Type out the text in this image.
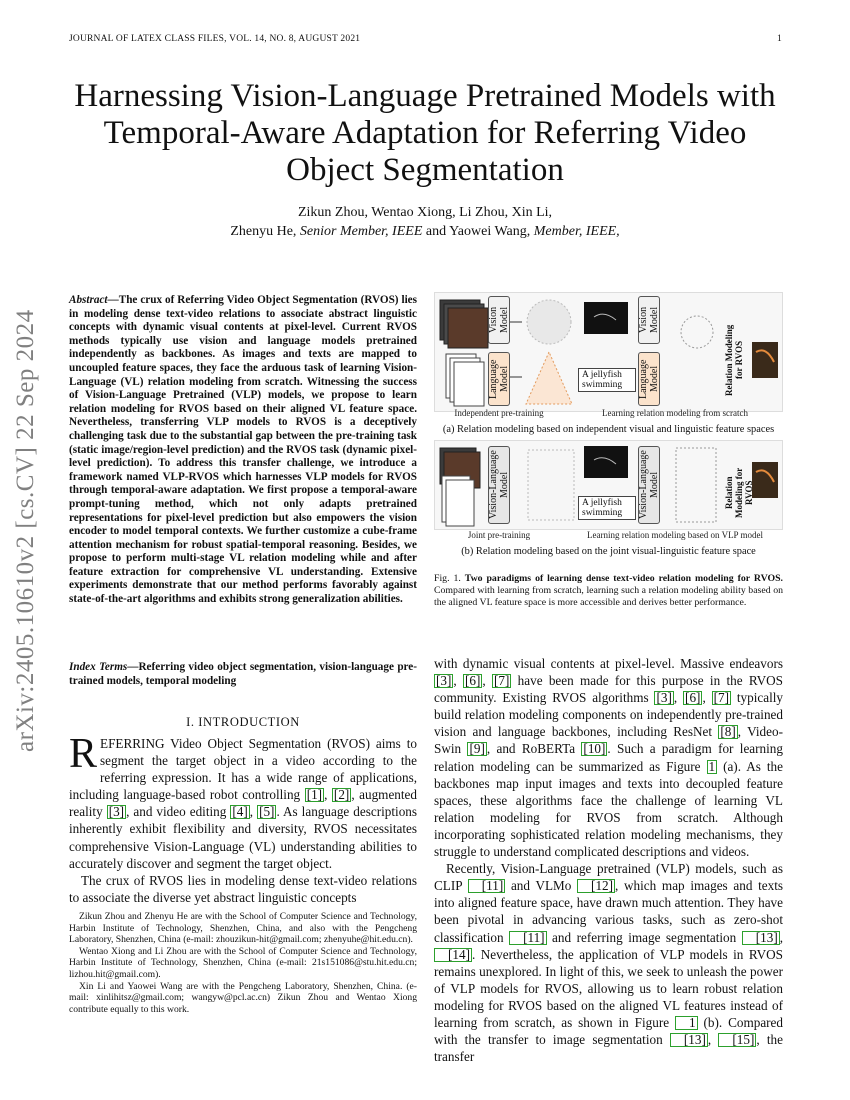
JOURNAL OF LATEX CLASS FILES, VOL. 14, NO. 8, AUGUST 2021	1
Harnessing Vision-Language Pretrained Models with Temporal-Aware Adaptation for Referring Video Object Segmentation
Zikun Zhou, Wentao Xiong, Li Zhou, Xin Li,
Zhenyu He, Senior Member, IEEE and Yaowei Wang, Member, IEEE,
arXiv:2405.10610v2 [cs.CV] 22 Sep 2024
Abstract—The crux of Referring Video Object Segmentation (RVOS) lies in modeling dense text-video relations to associate abstract linguistic concepts with dynamic visual contents at pixel-level. Current RVOS methods typically use vision and language models pretrained independently as backbones. As images and texts are mapped to uncoupled feature spaces, they face the arduous task of learning Vision-Language (VL) relation modeling from scratch. Witnessing the success of Vision-Language Pretrained (VLP) models, we propose to learn relation modeling for RVOS based on their aligned VL feature space. Nevertheless, transferring VLP models to RVOS is a deceptively challenging task due to the substantial gap between the pre-training task (static image/region-level prediction) and the RVOS task (dynamic pixel-level prediction). To address this transfer challenge, we introduce a framework named VLP-RVOS which harnesses VLP models for RVOS through temporal-aware adaptation. We first propose a temporal-aware prompt-tuning method, which not only adapts pretrained representations for pixel-level prediction but also empowers the vision encoder to model temporal contexts. We further customize a cube-frame attention mechanism for robust spatial-temporal reasoning. Besides, we propose to perform multi-stage VL relation modeling while and after feature extraction for comprehensive VL understanding. Extensive experiments demonstrate that our method performs favorably against state-of-the-art algorithms and exhibits strong generalization abilities.
Index Terms—Referring video object segmentation, vision-language pre-trained models, temporal modeling
I. INTRODUCTION

REFERRING Video Object Segmentation (RVOS) aims to segment the target object in a video according to the referring expression. It has a wide range of applications, including language-based robot controlling [1] , [2] , augmented reality [3] , and video editing [4] , [5] . As language descriptions inherently exhibit flexibility and diversity, RVOS necessitates comprehensive Vision-Language (VL) understanding abilities to accurately discover and segment the target object.

The crux of RVOS lies in modeling dense text-video relations to associate the diverse yet abstract linguistic concepts

Zikun Zhou and Zhenyu He are with the School of Computer Science and Technology, Harbin Institute of Technology, Shenzhen, China, and also with the Pengcheng Laboratory, Shenzhen, China (e-mail: zhouzikun-hit@gmail.com; zhenyuhe@hit.edu.cn).

Wentao Xiong and Li Zhou are with the School of Computer Science and Technology, Harbin Institute of Technology, Shenzhen, China (e-mail: 21s151086@stu.hit.edu.cn; lizhou.hit@gmail.com).

Xin Li and Yaowei Wang are with the Pengcheng Laboratory, Shenzhen, China. (e-mail: xinlihitsz@gmail.com; wangyw@pcl.ac.cn) Zikun Zhou and Wentao Xiong contribute equally to this work.

Vision Model
Language Model
Vision Model
Language Model
A jellyfish swimming	Relation Modeling for RVOS
Independent pre-training	Learning relation modeling from scratch
(a) Relation modeling based on independent visual and linguistic feature spaces
Vision-Language Model	Vision-Language Model
A jellyfish swimming
Relation Modeling for RVOS
Joint pre-training	Learning relation modeling based on VLP model
(b) Relation modeling based on the joint visual-linguistic feature space
Fig. 1. Two paradigms of learning dense text-video relation modeling for RVOS. Compared with learning from scratch, learning such a relation modeling ability based on the aligned VL feature space is more accessible and derives better performance.

with dynamic visual contents at pixel-level. Massive endeavors [3] , [6] , [7] have been made for this purpose in the RVOS community. Existing RVOS algorithms [3] , [6] , [7] typically build relation modeling components on independently pre-trained vision and language backbones, including ResNet [8] , Video-Swin [9] , and RoBERTa [10] . Such a paradigm for learning relation modeling can be summarized as Figure 1 (a). As the backbones map input images and texts into decoupled feature spaces, these algorithms face the challenge of learning VL relation modeling for RVOS from scratch. Although incorporating sophisticated relation modeling mechanisms, they struggle to understand complicated descriptions and videos.

Recently, Vision-Language pretrained (VLP) models, such as CLIP [11] and VLMo [12] , which map images and texts into aligned feature space, have drawn much attention. They have been pivotal in advancing various tasks, such as zero-shot classification [11] and referring image segmentation [13] , [14] . Nevertheless, the application of VLP models in RVOS remains unexplored. In light of this, we seek to unleash the power of VLP models for RVOS, allowing us to learn robust relation modeling for RVOS based on the aligned VL features instead of learning from scratch, as shown in Figure 1 (b). Compared with the transfer to image segmentation [13] , [15] , the transfer
